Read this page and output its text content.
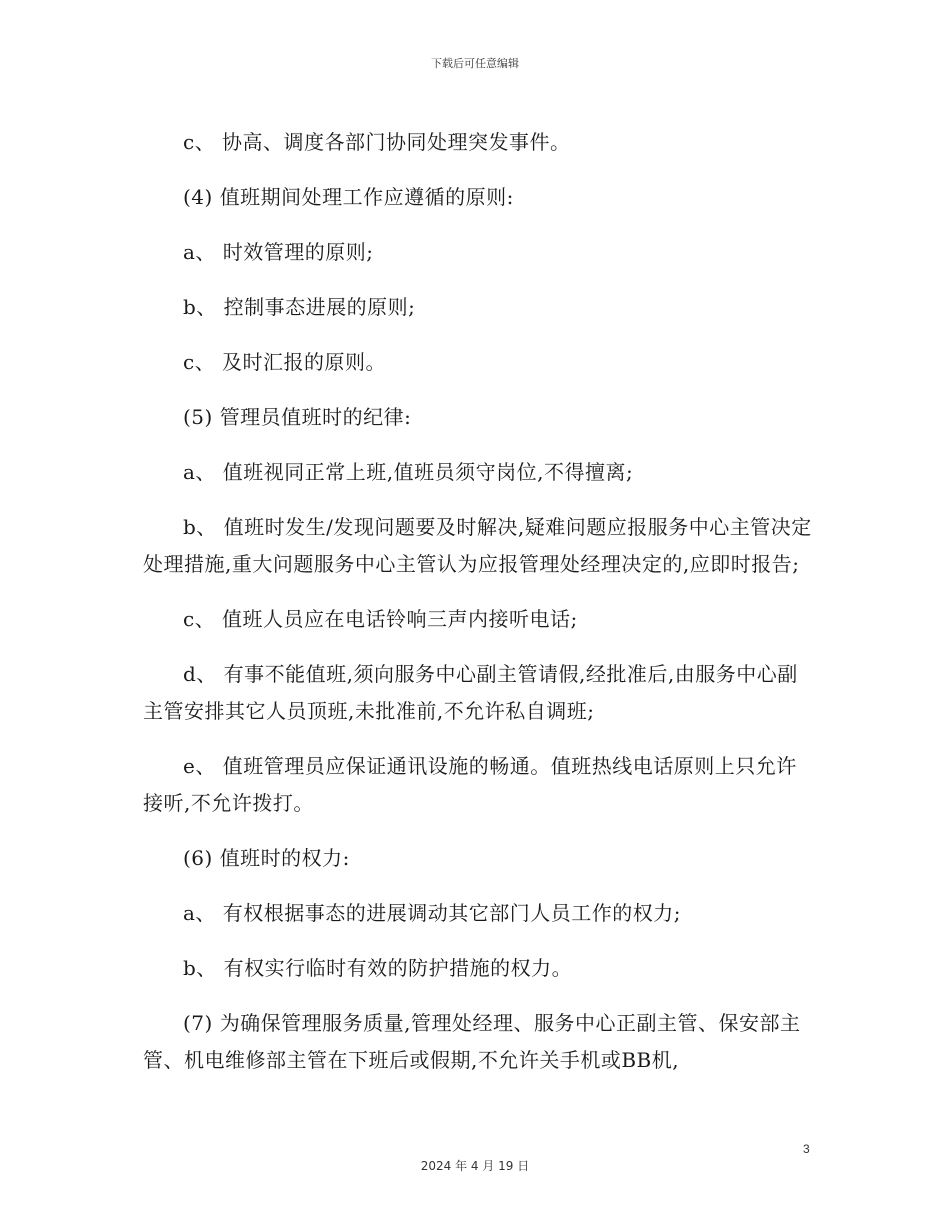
下载后可任意编辑

c、 协高、调度各部门协同处理突发事件。

(4) 值班期间处理工作应遵循的原则:

a、 时效管理的原则;

b、 控制事态进展的原则;

c、 及时汇报的原则。

(5) 管理员值班时的纪律:

a、 值班视同正常上班,值班员须守岗位,不得擅离;

b、 值班时发生/发现问题要及时解决,疑难问题应报服务中心主管决定处理措施,重大问题服务中心主管认为应报管理处经理决定的,应即时报告;

c、 值班人员应在电话铃响三声内接听电话;

d、 有事不能值班,须向服务中心副主管请假,经批准后,由服务中心副主管安排其它人员顶班,未批准前,不允许私自调班;

e、 值班管理员应保证通讯设施的畅通。值班热线电话原则上只允许接听,不允许拨打。

(6) 值班时的权力:

a、 有权根据事态的进展调动其它部门人员工作的权力;

b、 有权实行临时有效的防护措施的权力。

(7) 为确保管理服务质量,管理处经理、服务中心正副主管、保安部主管、机电维修部主管在下班后或假期,不允许关手机或BB机,

3
2024 年 4 月 19 日
